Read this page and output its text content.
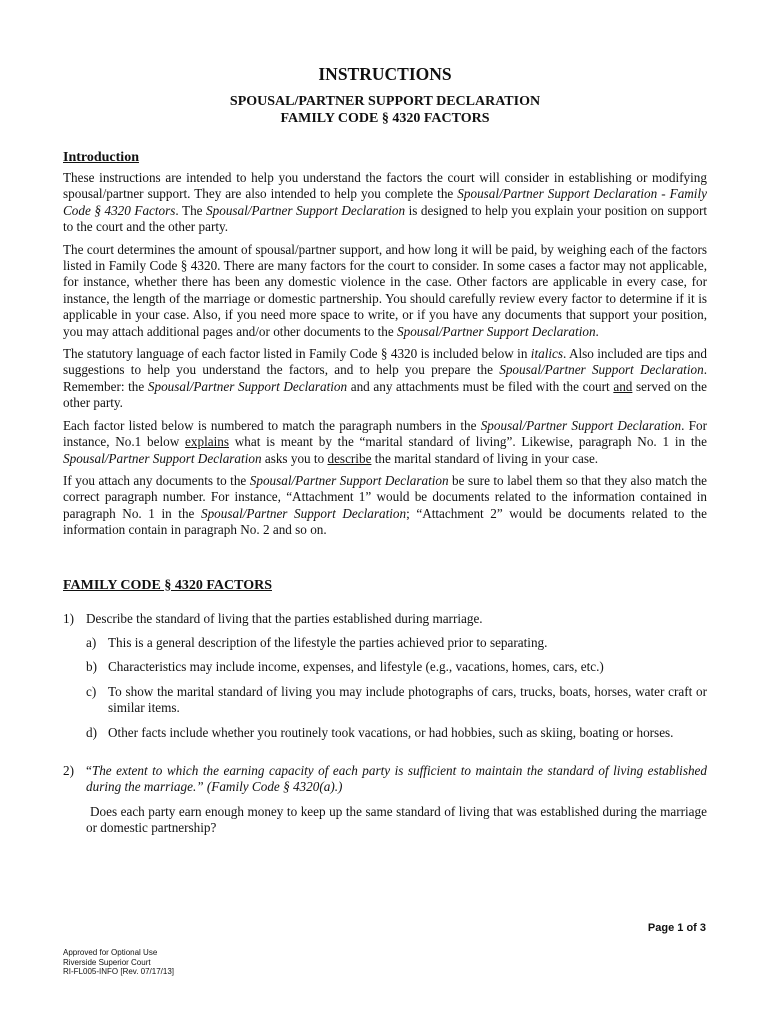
INSTRUCTIONS
SPOUSAL/PARTNER SUPPORT DECLARATION
FAMILY CODE § 4320 FACTORS
Introduction

These instructions are intended to help you understand the factors the court will consider in establishing or modifying spousal/partner support. They are also intended to help you complete the Spousal/Partner Support Declaration - Family Code § 4320 Factors. The Spousal/Partner Support Declaration is designed to help you explain your position on support to the court and the other party.

The court determines the amount of spousal/partner support, and how long it will be paid, by weighing each of the factors listed in Family Code § 4320. There are many factors for the court to consider. In some cases a factor may not applicable, for instance, whether there has been any domestic violence in the case. Other factors are applicable in every case, for instance, the length of the marriage or domestic partnership. You should carefully review every factor to determine if it is applicable in your case. Also, if you need more space to write, or if you have any documents that support your position, you may attach additional pages and/or other documents to the Spousal/Partner Support Declaration.

The statutory language of each factor listed in Family Code § 4320 is included below in italics. Also included are tips and suggestions to help you understand the factors, and to help you prepare the Spousal/Partner Support Declaration. Remember: the Spousal/Partner Support Declaration and any attachments must be filed with the court and served on the other party.

Each factor listed below is numbered to match the paragraph numbers in the Spousal/Partner Support Declaration. For instance, No.1 below explains what is meant by the “marital standard of living”. Likewise, paragraph No. 1 in the Spousal/Partner Support Declaration asks you to describe the marital standard of living in your case.

If you attach any documents to the Spousal/Partner Support Declaration be sure to label them so that they also match the correct paragraph number. For instance, “Attachment 1” would be documents related to the information contained in paragraph No. 1 in the Spousal/Partner Support Declaration; “Attachment 2” would be documents related to the information contain in paragraph No. 2 and so on.

FAMILY CODE § 4320 FACTORS
1) Describe the standard of living that the parties established during marriage.
a) This is a general description of the lifestyle the parties achieved prior to separating.
b) Characteristics may include income, expenses, and lifestyle (e.g., vacations, homes, cars, etc.)
c) To show the marital standard of living you may include photographs of cars, trucks, boats, horses, water craft or similar items.
d) Other facts include whether you routinely took vacations, or had hobbies, such as skiing, boating or horses.
2) “The extent to which the earning capacity of each party is sufficient to maintain the standard of living established during the marriage.” (Family Code § 4320(a).)

Does each party earn enough money to keep up the same standard of living that was established during the marriage or domestic partnership?

Page 1 of 3
Approved for Optional Use
Riverside Superior Court
RI-FL005-INFO [Rev. 07/17/13]
